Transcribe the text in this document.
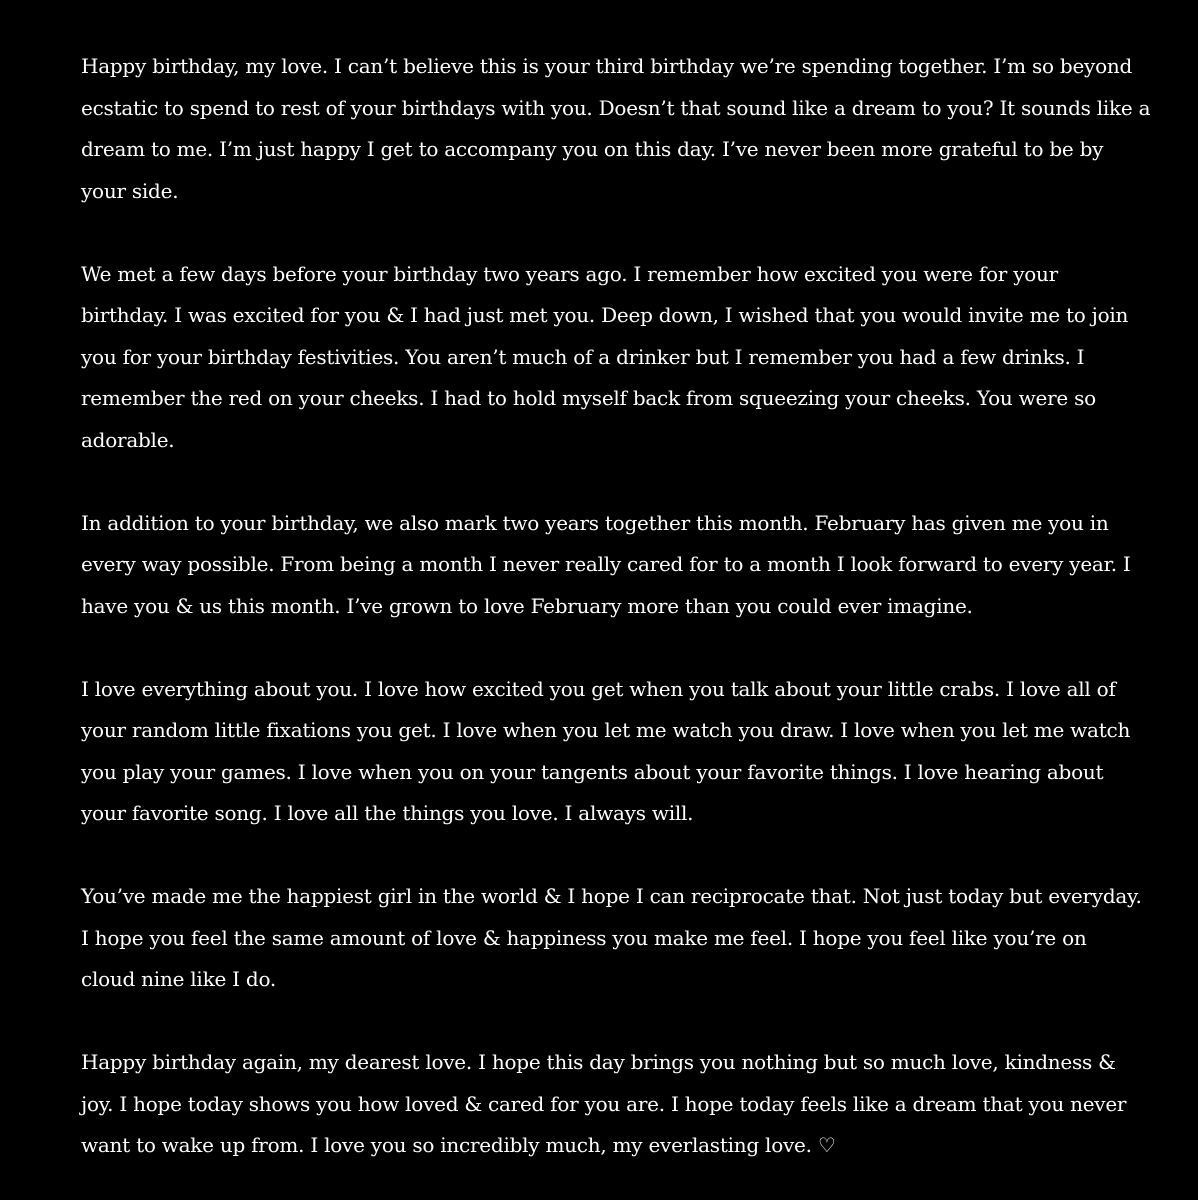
Happy birthday, my love. I can’t believe this is your third birthday we’re spending together. I’m so beyond
ecstatic to spend to rest of your birthdays with you. Doesn’t that sound like a dream to you? It sounds like a
dream to me. I’m just happy I get to accompany you on this day. I’ve never been more grateful to be by
your side.
We met a few days before your birthday two years ago. I remember how excited you were for your
birthday. I was excited for you & I had just met you. Deep down, I wished that you would invite me to join
you for your birthday festivities. You aren’t much of a drinker but I remember you had a few drinks. I
remember the red on your cheeks. I had to hold myself back from squeezing your cheeks. You were so
adorable.
In addition to your birthday, we also mark two years together this month. February has given me you in
every way possible. From being a month I never really cared for to a month I look forward to every year. I
have you & us this month. I’ve grown to love February more than you could ever imagine.
I love everything about you. I love how excited you get when you talk about your little crabs. I love all of
your random little fixations you get. I love when you let me watch you draw. I love when you let me watch
you play your games. I love when you on your tangents about your favorite things. I love hearing about
your favorite song. I love all the things you love. I always will.
You’ve made me the happiest girl in the world & I hope I can reciprocate that. Not just today but everyday.
I hope you feel the same amount of love & happiness you make me feel. I hope you feel like you’re on
cloud nine like I do.
Happy birthday again, my dearest love. I hope this day brings you nothing but so much love, kindness &
joy. I hope today shows you how loved & cared for you are. I hope today feels like a dream that you never
want to wake up from. I love you so incredibly much, my everlasting love. ♡
